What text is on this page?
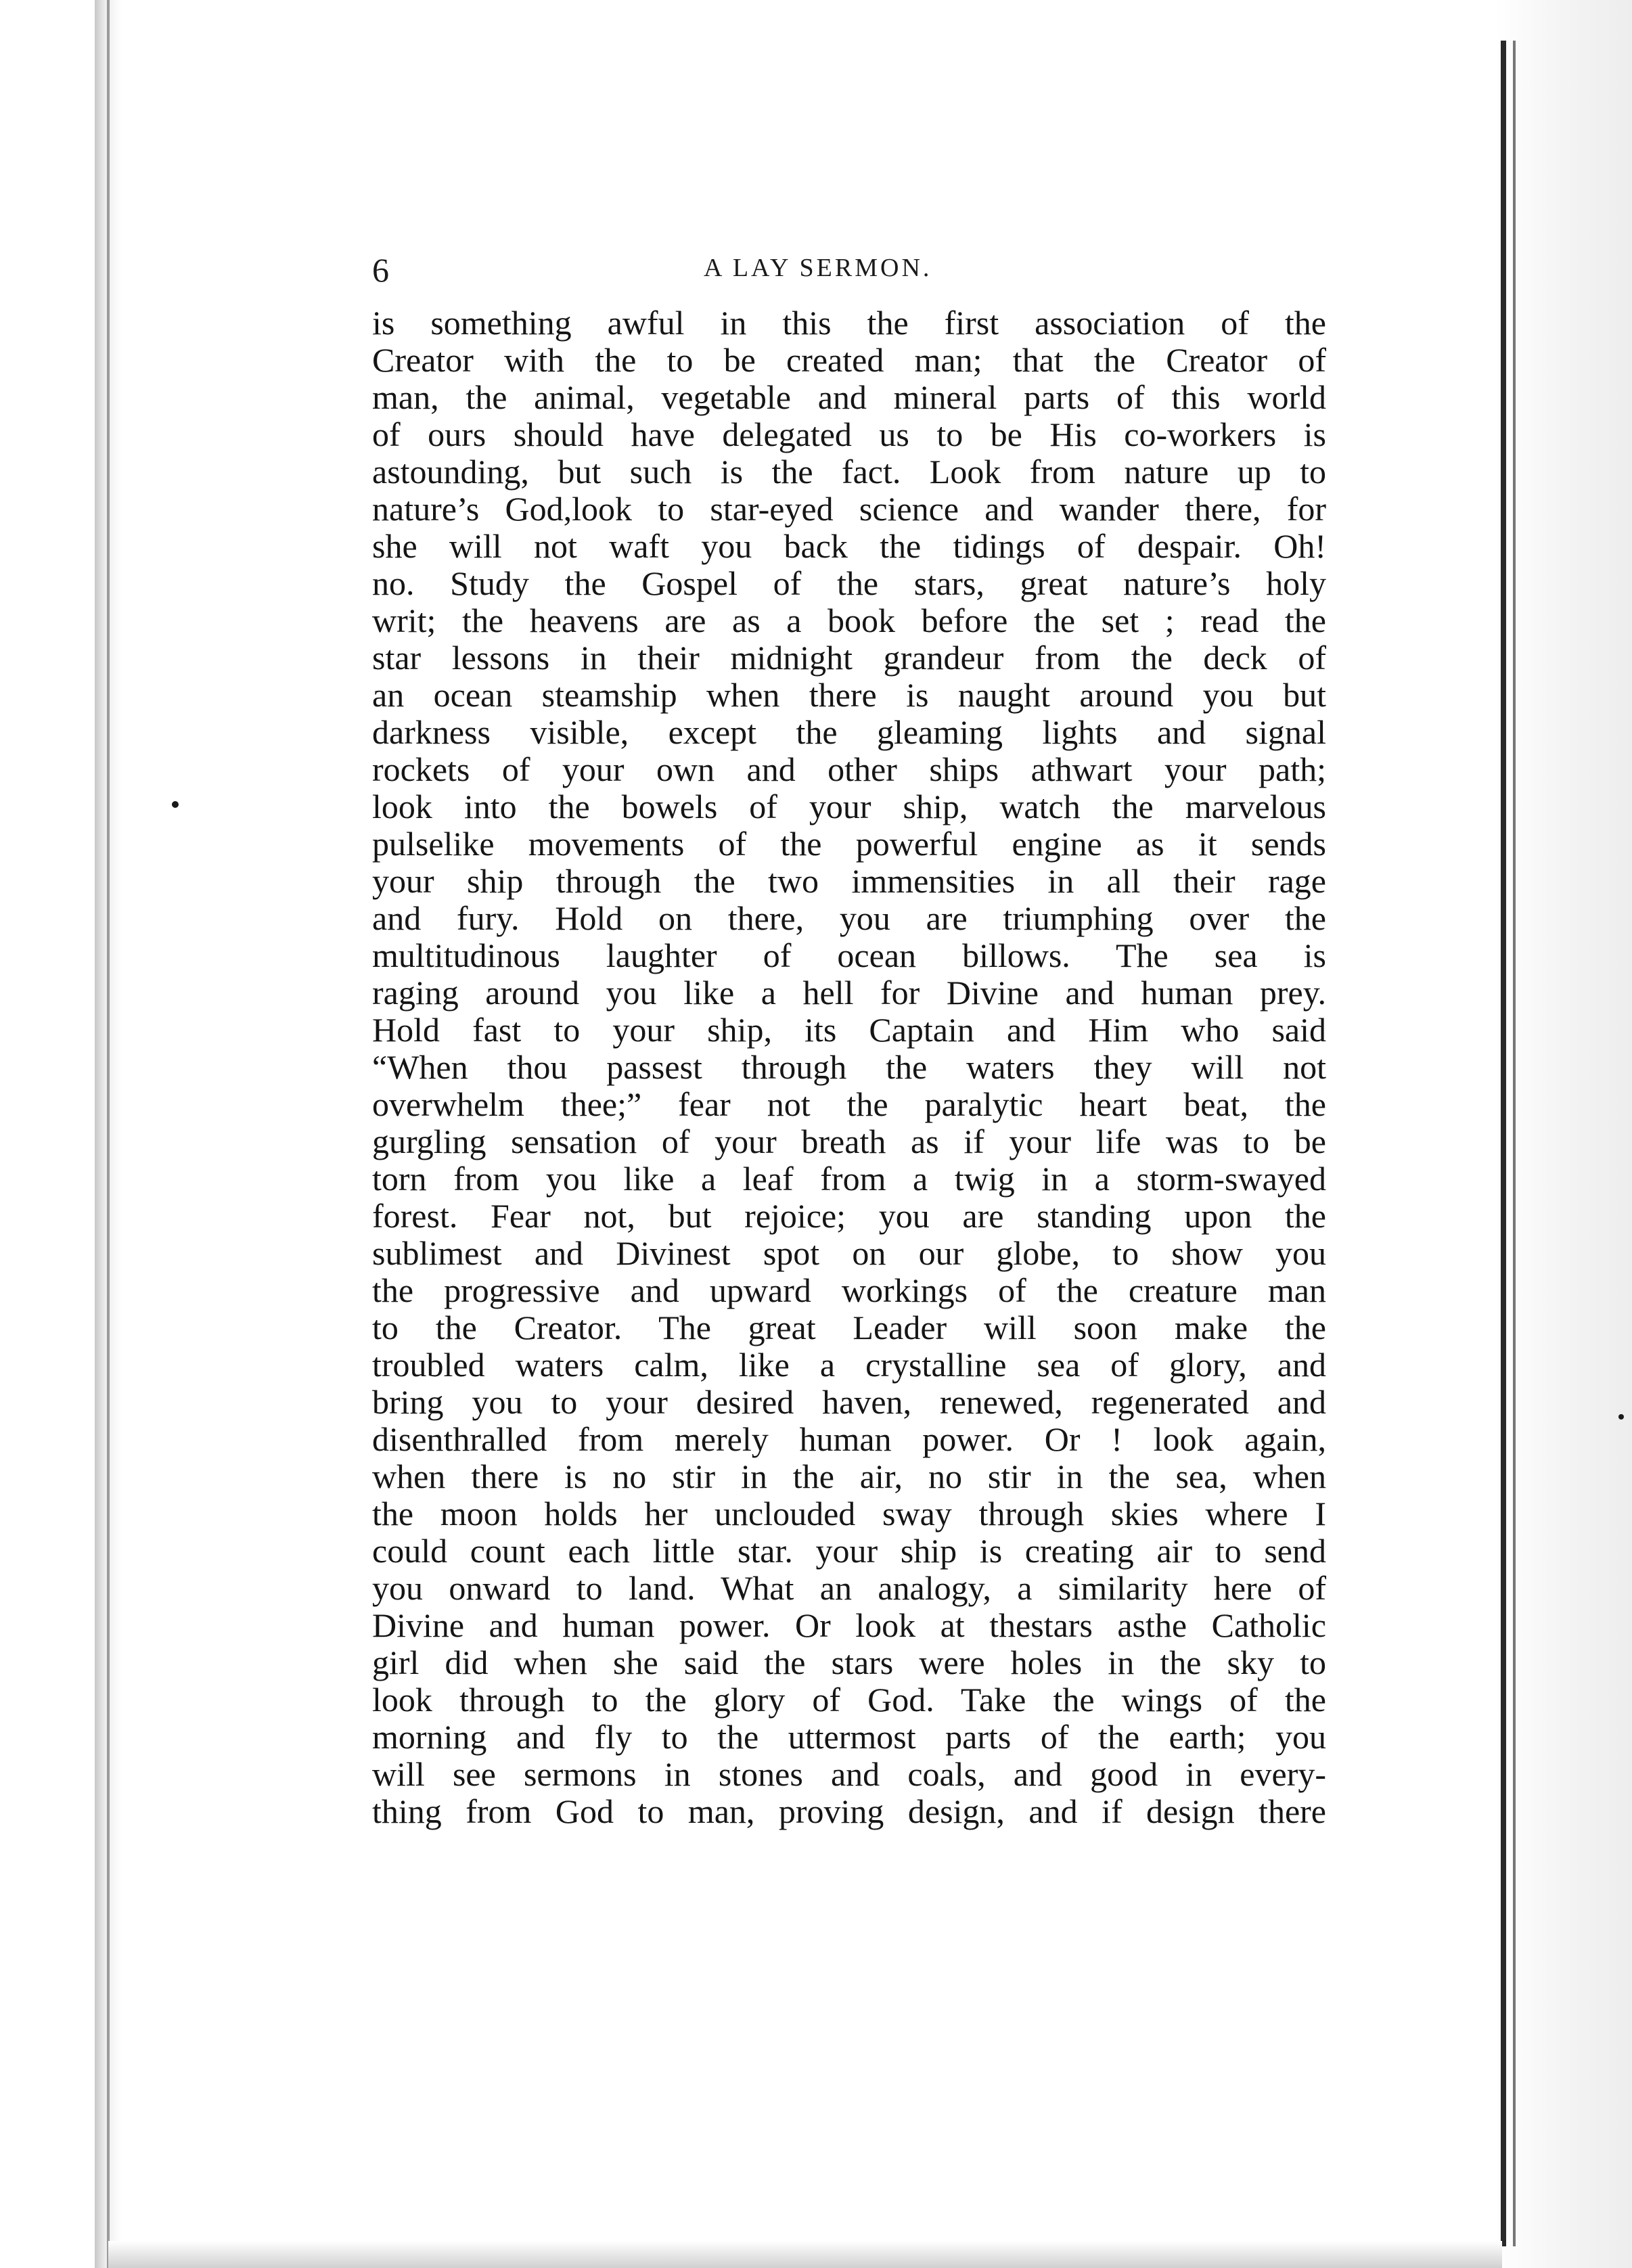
6	A LAY SERMON.
is something awful in this the first association of the
Creator with the to be created man; that the Creator of
man, the animal, vegetable and mineral parts of this world
of ours should have delegated us to be His co-workers is
astounding, but such is the fact. Look from nature up to
nature’s God,look to star-eyed science and wander there, for
she will not waft you back the tidings of despair. Oh!
no. Study the Gospel of the stars, great nature’s holy
writ; the heavens are as a book before the set ; read the
star lessons in their midnight grandeur from the deck of
an ocean steamship when there is naught around you but
darkness visible, except the gleaming lights and signal
rockets of your own and other ships athwart your path;
look into the bowels of your ship, watch the marvelous
pulselike movements of the powerful engine as it sends
your ship through the two immensities in all their rage
and fury. Hold on there, you are triumphing over the
multitudinous laughter of ocean billows. The sea is
raging around you like a hell for Divine and human prey.
Hold fast to your ship, its Captain and Him who said
“When thou passest through the waters they will not
overwhelm thee;” fear not the paralytic heart beat, the
gurgling sensation of your breath as if your life was to be
torn from you like a leaf from a twig in a storm-swayed
forest. Fear not, but rejoice; you are standing upon the
sublimest and Divinest spot on our globe, to show you
the progressive and upward workings of the creature man
to the Creator. The great Leader will soon make the
troubled waters calm, like a crystalline sea of glory, and
bring you to your desired haven, renewed, regenerated and
disenthralled from merely human power. Or ! look again,
when there is no stir in the air, no stir in the sea, when
the moon holds her unclouded sway through skies where I
could count each little star. your ship is creating air to send
you onward to land. What an analogy, a similarity here of
Divine and human power. Or look at thestars asthe Catholic
girl did when she said the stars were holes in the sky to
look through to the glory of God. Take the wings of the
morning and fly to the uttermost parts of the earth; you
will see sermons in stones and coals, and good in every-
thing from God to man, proving design, and if design there
